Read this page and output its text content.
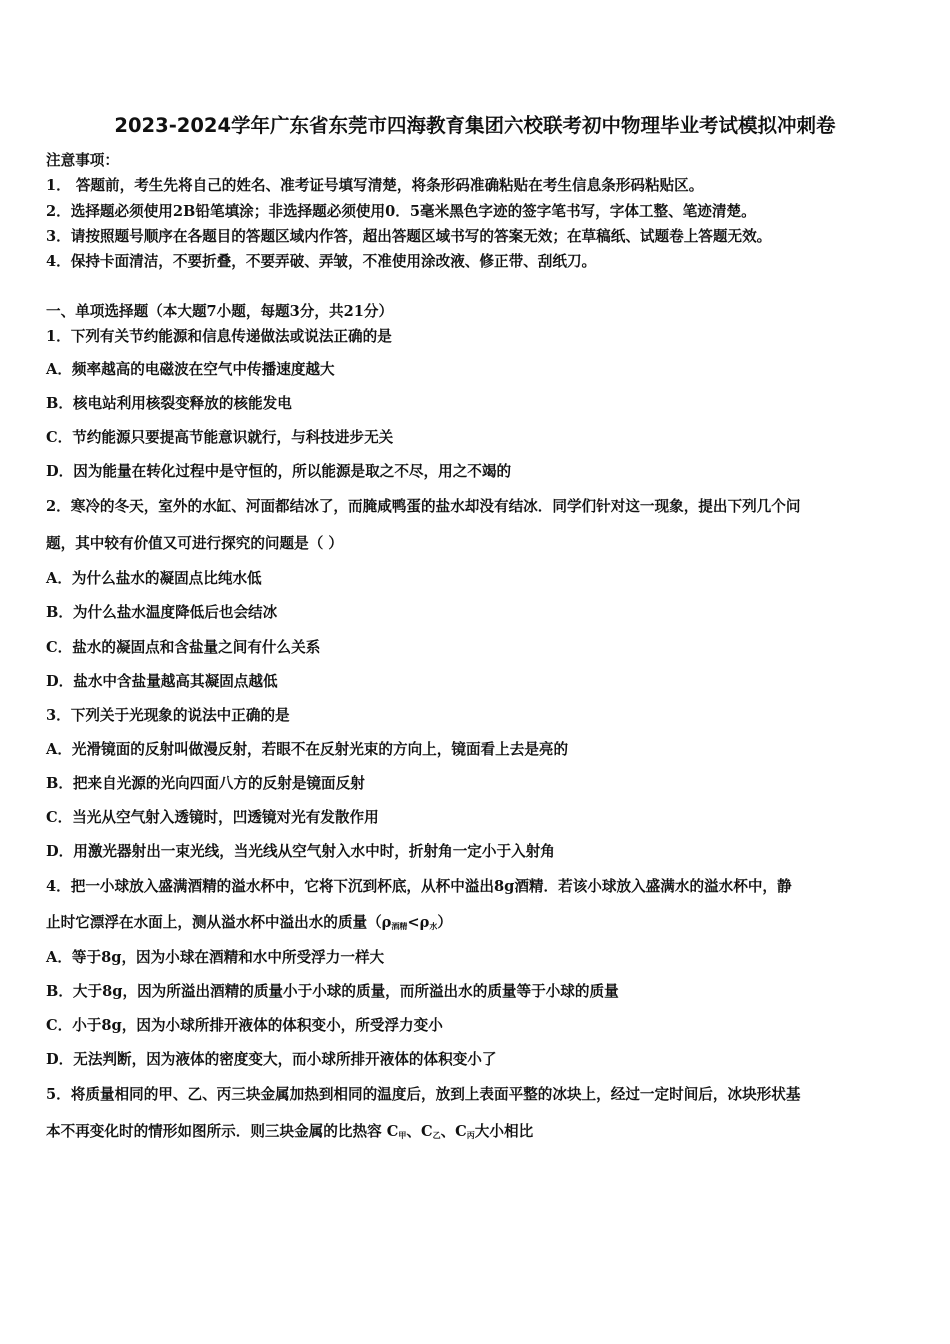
2023-2024学年广东省东莞市四海教育集团六校联考初中物理毕业考试模拟冲刺卷
注意事项：
1． 答题前，考生先将自己的姓名、准考证号填写清楚，将条形码准确粘贴在考生信息条形码粘贴区。
2．选择题必须使用2B铅笔填涂；非选择题必须使用0．5毫米黑色字迹的签字笔书写，字体工整、笔迹清楚。
3．请按照题号顺序在各题目的答题区域内作答，超出答题区域书写的答案无效；在草稿纸、试题卷上答题无效。
4．保持卡面清洁，不要折叠，不要弄破、弄皱，不准使用涂改液、修正带、刮纸刀。
一、单项选择题（本大题7小题，每题3分，共21分）
1．下列有关节约能源和信息传递做法或说法正确的是
A．频率越高的电磁波在空气中传播速度越大
B．核电站利用核裂变释放的核能发电
C．节约能源只要提高节能意识就行，与科技进步无关
D．因为能量在转化过程中是守恒的，所以能源是取之不尽，用之不竭的
2．寒冷的冬天，室外的水缸、河面都结冰了，而腌咸鸭蛋的盐水却没有结冰．同学们针对这一现象，提出下列几个问
题，其中较有价值又可进行探究的问题是（ ）
A．为什么盐水的凝固点比纯水低
B．为什么盐水温度降低后也会结冰
C．盐水的凝固点和含盐量之间有什么关系
D．盐水中含盐量越高其凝固点越低
3．下列关于光现象的说法中正确的是
A．光滑镜面的反射叫做漫反射，若眼不在反射光束的方向上，镜面看上去是亮的
B．把来自光源的光向四面八方的反射是镜面反射
C．当光从空气射入透镜时，凹透镜对光有发散作用
D．用激光器射出一束光线，当光线从空气射入水中时，折射角一定小于入射角
4．把一小球放入盛满酒精的溢水杯中，它将下沉到杯底，从杯中溢出8g酒精．若该小球放入盛满水的溢水杯中，静
止时它漂浮在水面上，测从溢水杯中溢出水的质量$(\rho_{酒精}<\rho_水)$
A．等于8g，因为小球在酒精和水中所受浮力一样大
B．大于8g，因为所溢出酒精的质量小于小球的质量，而所溢出水的质量等于小球的质量
C．小于8g，因为小球所排开液体的体积变小，所受浮力变小
D．无法判断，因为液体的密度变大，而小球所排开液体的体积变小了
5．将质量相同的甲、乙、丙三块金属加热到相同的温度后，放到上表面平整的冰块上，经过一定时间后，冰块形状基
本不再变化时的情形如图所示．则三块金属的比热容 $C_甲$、$C_乙$、$C_丙$大小相比
